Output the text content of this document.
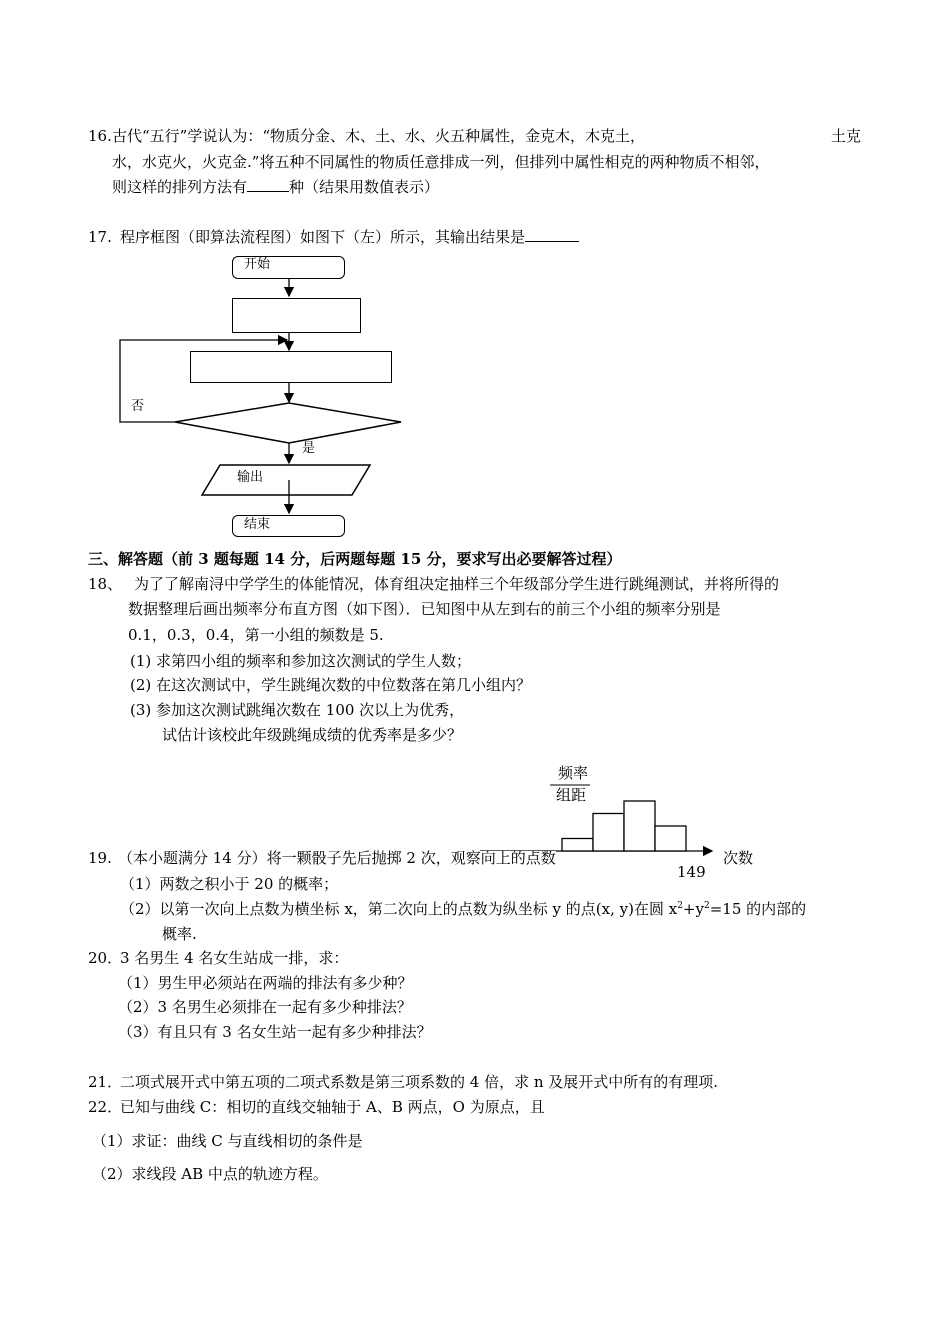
16. 古代“五行”学说认为：“物质分金、木、土、水、火五种属性，金克木，木克土，	土克
水，水克火，火克金.”将五种不同属性的物质任意排成一列，但排列中属性相克的两种物质不相邻，
则这样的排列方法有	种（结果用数值表示）
17. 程序框图（即算法流程图）如图下（左）所示，其输出结果是
开始
否
是
输出
结束
三、解答题（前 3 题每题 14 分，后两题每题 15 分，要求写出必要解答过程）
18、 为了了解南浔中学学生的体能情况，体育组决定抽样三个年级部分学生进行跳绳测试，并将所得的
数据整理后画出频率分布直方图（如下图）．已知图中从左到右的前三个小组的频率分别是
0.1，0.3，0.4，第一小组的频数是 5.
(1) 求第四小组的频率和参加这次测试的学生人数；
(2) 在这次测试中，学生跳绳次数的中位数落在第几小组内？
(3) 参加这次测试跳绳次数在 100 次以上为优秀，
试估计该校此年级跳绳成绩的优秀率是多少？
频率
组距
次数
149
19. （本小题满分 14 分）将一颗骰子先后抛掷 2 次，观察向上的点数
（1）两数之积小于 20 的概率；
（2）以第一次向上点数为横坐标 x，第二次向上的点数为纵坐标 y 的点(x, y)在圆 $x^2+y^2=15$ 的内部的
概率.
20．
3 名男生 4 名女生站成一排，求：
（1）男生甲必须站在两端的排法有多少种？
（2）3 名男生必须排在一起有多少种排法？
（3）有且只有 3 名女生站一起有多少种排法？
21．
二项式展开式中第五项的二项式系数是第三项系数的 4 倍，求 n 及展开式中所有的有理项.
22．
已知与曲线 C：相切的直线交轴轴于 A、B 两点，O 为原点，且
（1）求证：曲线 C 与直线相切的条件是
（2）求线段 AB 中点的轨迹方程。
